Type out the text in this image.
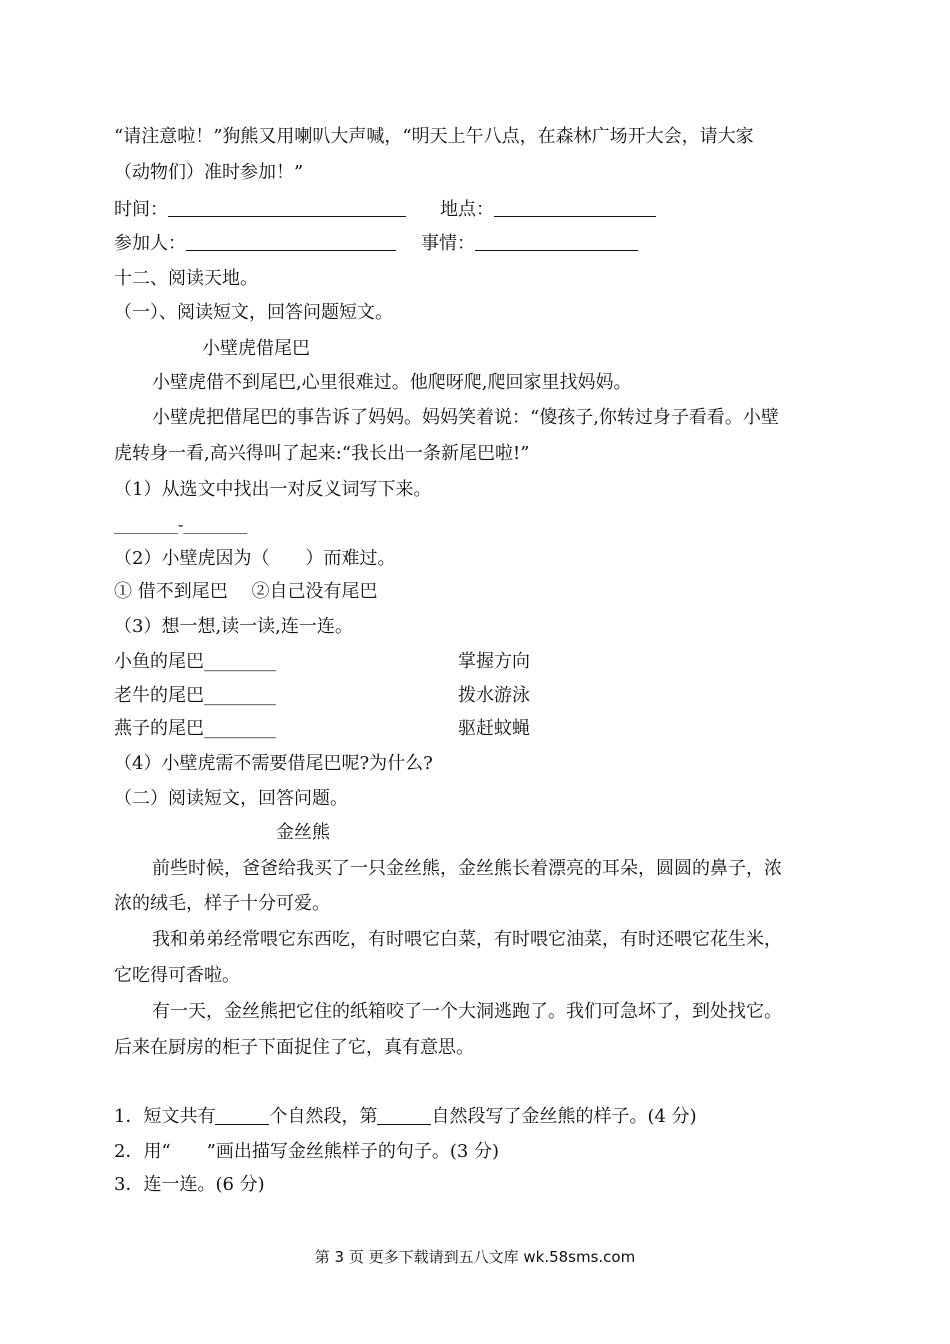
“请注意啦！”狗熊又用喇叭大声喊，“明天上午八点，在森林广场开大会，请大家
（动物们）准时参加！”
时间：	地点：
参加人：	事情：
十二、阅读天地。
（一）、阅读短文，回答问题短文。
小壁虎借尾巴
小壁虎借不到尾巴,心里很难过。他爬呀爬,爬回家里找妈妈。
小壁虎把借尾巴的事告诉了妈妈。妈妈笑着说：“傻孩子,你转过身子看看。小壁
虎转身一看,高兴得叫了起来:“我长出一条新尾巴啦!”
（1）从选文中找出一对反义词写下来。
________-________
（2）小壁虎因为（　　）而难过。
① 借不到尾巴　 ②自己没有尾巴
（3）想一想,读一读,连一连。
小鱼的尾巴________	掌握方向
老牛的尾巴________	拨水游泳
燕子的尾巴________	驱赶蚊蝇
（4）小壁虎需不需要借尾巴呢?为什么?
（二）阅读短文，回答问题。
金丝熊
前些时候，爸爸给我买了一只金丝熊，金丝熊长着漂亮的耳朵，圆圆的鼻子，浓
浓的绒毛，样子十分可爱。
我和弟弟经常喂它东西吃，有时喂它白菜，有时喂它油菜，有时还喂它花生米，
它吃得可香啦。
有一天，金丝熊把它住的纸箱咬了一个大洞逃跑了。我们可急坏了，到处找它。
后来在厨房的柜子下面捉住了它，真有意思。
1．短文共有	个自然段，第	自然段写了金丝熊的样子。(4 分)
2．用“　　”画出描写金丝熊样子的句子。(3 分)
3．连一连。(6 分)
第 3 页 更多下载请到五八文库 wk.58sms.com
